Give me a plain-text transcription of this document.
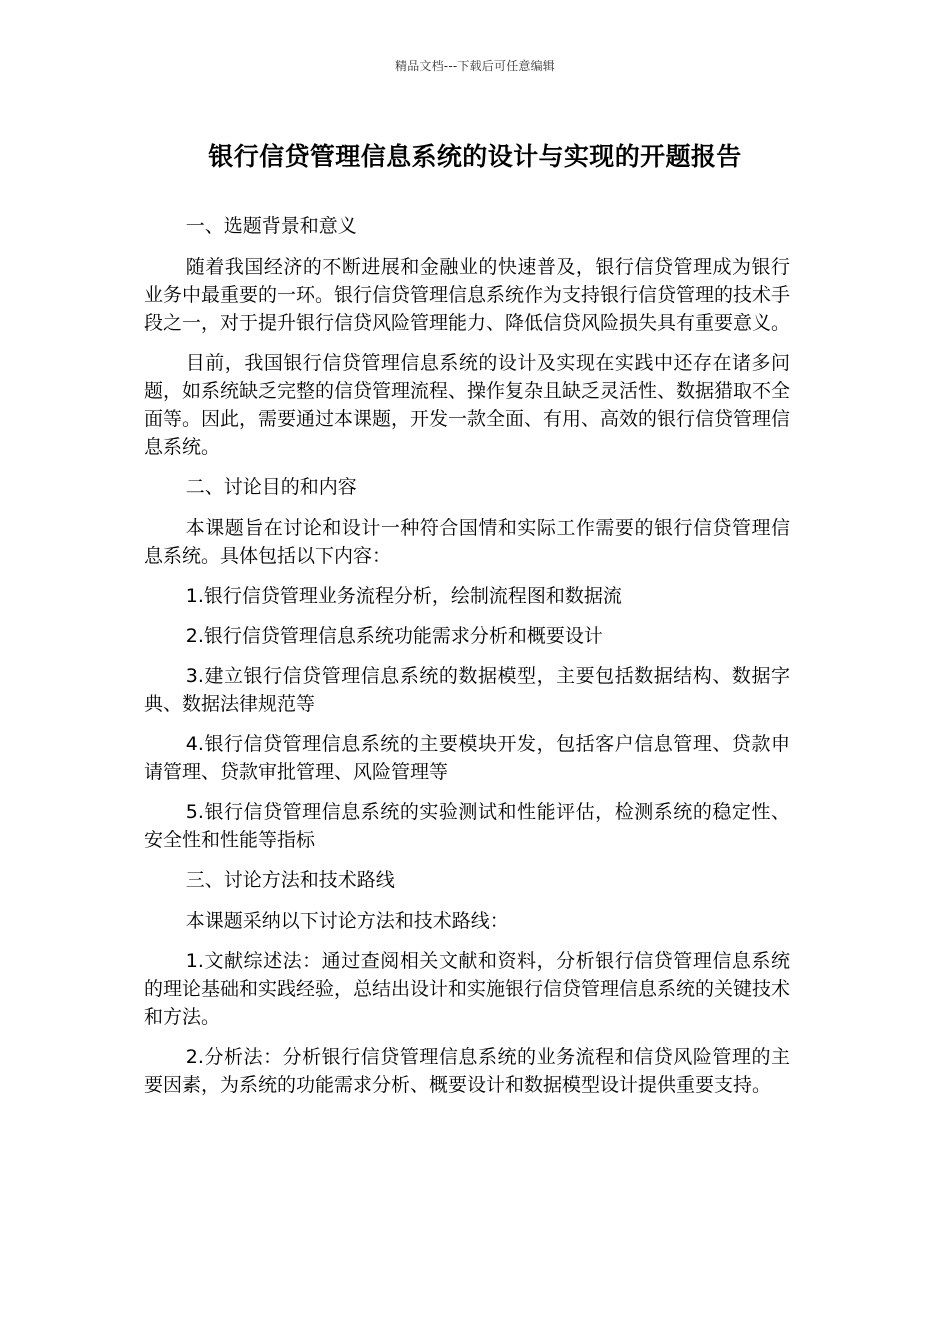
精品文档---下载后可任意编辑
银行信贷管理信息系统的设计与实现的开题报告

一、选题背景和意义

随着我国经济的不断进展和金融业的快速普及，银行信贷管理成为银行业务中最重要的一环。银行信贷管理信息系统作为支持银行信贷管理的技术手段之一，对于提升银行信贷风险管理能力、降低信贷风险损失具有重要意义。

目前，我国银行信贷管理信息系统的设计及实现在实践中还存在诸多问题，如系统缺乏完整的信贷管理流程、操作复杂且缺乏灵活性、数据猎取不全面等。因此，需要通过本课题，开发一款全面、有用、高效的银行信贷管理信息系统。

二、讨论目的和内容

本课题旨在讨论和设计一种符合国情和实际工作需要的银行信贷管理信息系统。具体包括以下内容：

1.银行信贷管理业务流程分析，绘制流程图和数据流

2.银行信贷管理信息系统功能需求分析和概要设计

3.建立银行信贷管理信息系统的数据模型，主要包括数据结构、数据字典、数据法律规范等

4.银行信贷管理信息系统的主要模块开发，包括客户信息管理、贷款申请管理、贷款审批管理、风险管理等

5.银行信贷管理信息系统的实验测试和性能评估，检测系统的稳定性、安全性和性能等指标

三、讨论方法和技术路线

本课题采纳以下讨论方法和技术路线：

1.文献综述法：通过查阅相关文献和资料，分析银行信贷管理信息系统的理论基础和实践经验，总结出设计和实施银行信贷管理信息系统的关键技术和方法。

2.分析法：分析银行信贷管理信息系统的业务流程和信贷风险管理的主要因素，为系统的功能需求分析、概要设计和数据模型设计提供重要支持。
